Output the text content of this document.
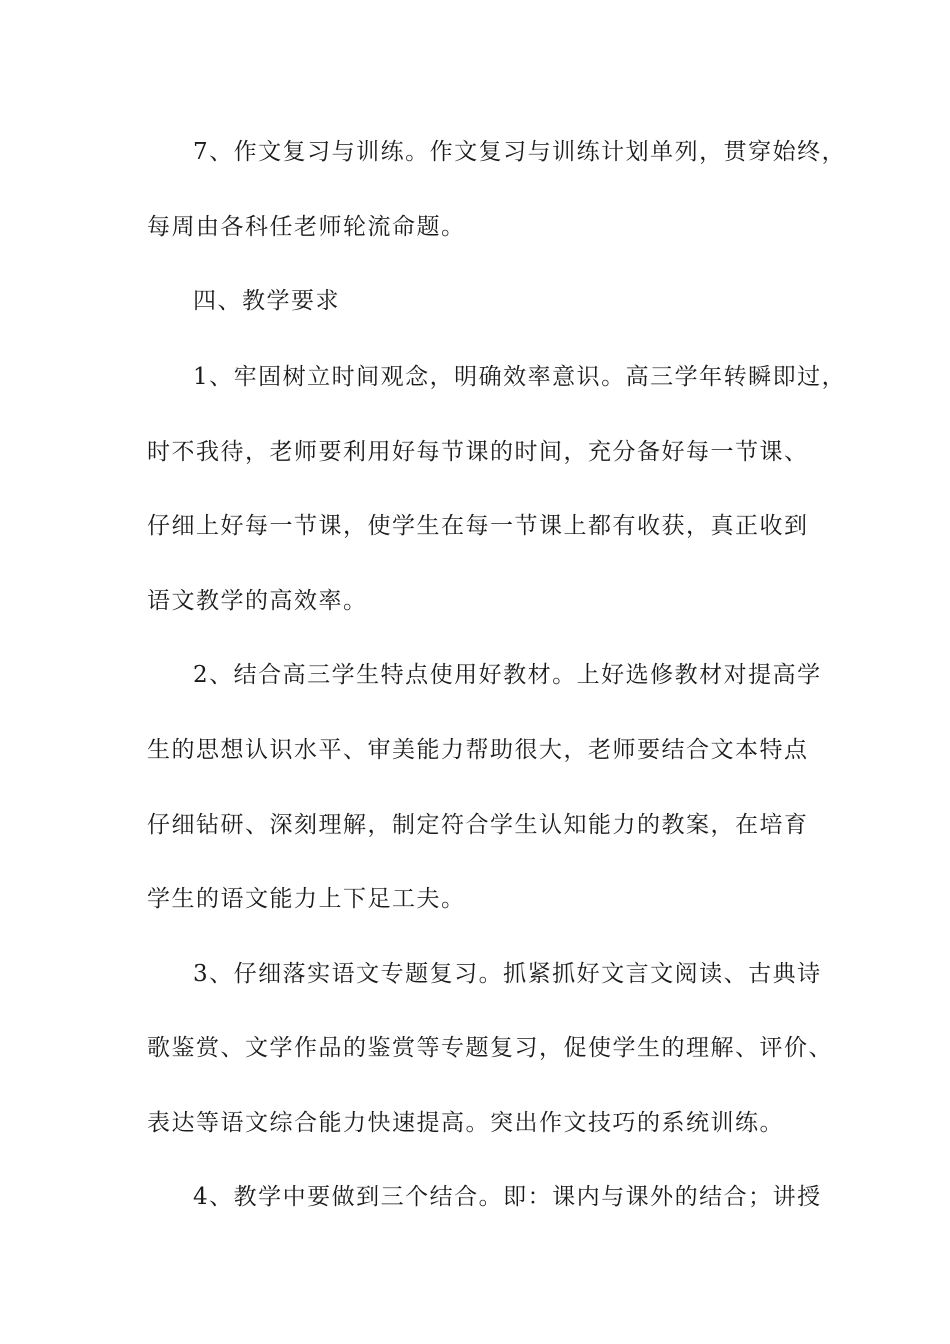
7、作文复习与训练。作文复习与训练计划单列，贯穿始终，
每周由各科任老师轮流命题。
四、教学要求
1、牢固树立时间观念，明确效率意识。高三学年转瞬即过，
时不我待，老师要利用好每节课的时间，充分备好每一节课、
仔细上好每一节课，使学生在每一节课上都有收获，真正收到
语文教学的高效率。
2、结合高三学生特点使用好教材。上好选修教材对提高学
生的思想认识水平、审美能力帮助很大，老师要结合文本特点
仔细钻研、深刻理解，制定符合学生认知能力的教案，在培育
学生的语文能力上下足工夫。
3、仔细落实语文专题复习。抓紧抓好文言文阅读、古典诗
歌鉴赏、文学作品的鉴赏等专题复习，促使学生的理解、评价、
表达等语文综合能力快速提高。突出作文技巧的系统训练。
4、教学中要做到三个结合。即：课内与课外的结合；讲授
